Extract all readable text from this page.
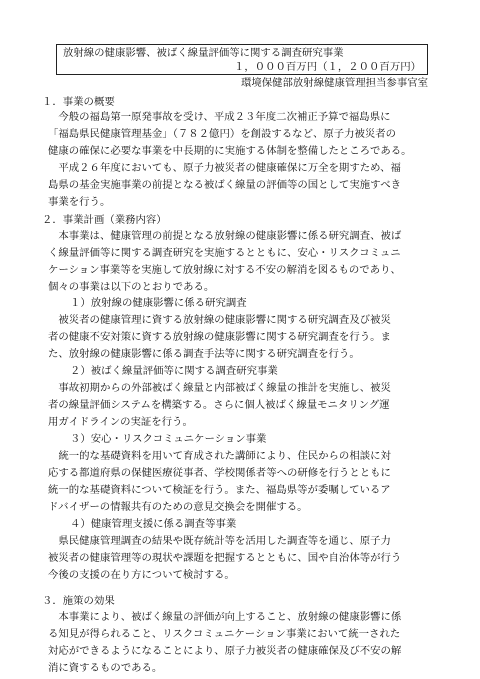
放射線の健康影響、被ばく線量評価等に関する調査研究事業
１，０００百万円（１，２００百万円）
環境保健部放射線健康管理担当参事官室
１．事業の概要
　今般の福島第一原発事故を受け、平成２３年度二次補正予算で福島県に
「福島県民健康管理基金」（７８２億円）を創設するなど、原子力被災者の
健康の確保に必要な事業を中長期的に実施する体制を整備したところである。
　平成２６年度においても、原子力被災者の健康確保に万全を期すため、福
島県の基金実施事業の前提となる被ばく線量の評価等の国として実施すべき
事業を行う。
２．事業計画（業務内容）
　本事業は、健康管理の前提となる放射線の健康影響に係る研究調査、被ば
く線量評価等に関する調査研究を実施するとともに、安心・リスクコミュニ
ケーション事業等を実施して放射線に対する不安の解消を図るものであり、
個々の事業は以下のとおりである。
１）放射線の健康影響に係る研究調査
　被災者の健康管理に資する放射線の健康影響に関する研究調査及び被災
者の健康不安対策に資する放射線の健康影響に関する研究調査を行う。ま
た、放射線の健康影響に係る調査手法等に関する研究調査を行う。
２）被ばく線量評価等に関する調査研究事業
　事故初期からの外部被ばく線量と内部被ばく線量の推計を実施し、被災
者の線量評価システムを構築する。さらに個人被ばく線量モニタリング運
用ガイドラインの実証を行う。
３）安心・リスクコミュニケーション事業
　統一的な基礎資料を用いて育成された講師により、住民からの相談に対
応する都道府県の保健医療従事者、学校関係者等への研修を行うとともに
統一的な基礎資料について検証を行う。また、福島県等が委嘱しているア
ドバイザーの情報共有のための意見交換会を開催する。
４）健康管理支援に係る調査等事業
　県民健康管理調査の結果や既存統計等を活用した調査等を通じ、原子力
被災者の健康管理等の現状や課題を把握するとともに、国や自治体等が行う
今後の支援の在り方について検討する。
３．施策の効果
　本事業により、被ばく線量の評価が向上すること、放射線の健康影響に係
る知見が得られること、リスクコミュニケーション事業において統一された
対応ができるようになることにより、原子力被災者の健康確保及び不安の解
消に資するものである。
